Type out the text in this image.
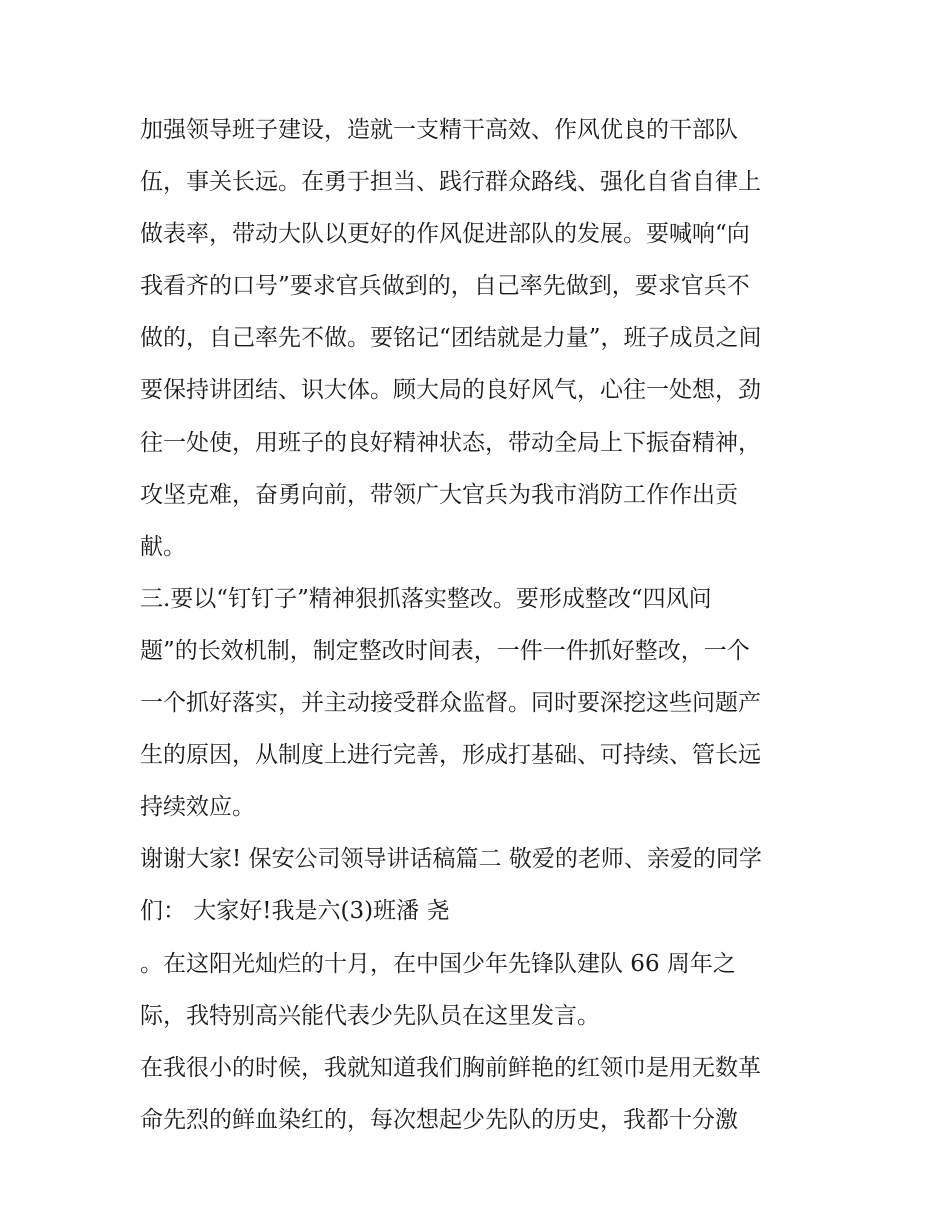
加强领导班子建设，造就一支精干高效、作风优良的干部队
伍，事关长远。在勇于担当、践行群众路线、强化自省自律上
做表率，带动大队以更好的作风促进部队的发展。要喊响“向
我看齐的口号”要求官兵做到的，自己率先做到，要求官兵不
做的，自己率先不做。要铭记“团结就是力量”，班子成员之间
要保持讲团结、识大体。顾大局的良好风气，心往一处想，劲
往一处使，用班子的良好精神状态，带动全局上下振奋精神，
攻坚克难，奋勇向前，带领广大官兵为我市消防工作作出贡
献。
三.要以“钉钉子”精神狠抓落实整改。要形成整改“四风问
题”的长效机制，制定整改时间表，一件一件抓好整改，一个
一个抓好落实，并主动接受群众监督。同时要深挖这些问题产
生的原因，从制度上进行完善，形成打基础、可持续、管长远
持续效应。
谢谢大家! 保安公司领导讲话稿篇二 敬爱的老师、亲爱的同学
们： 大家好!我是六(3)班潘 尧
。在这阳光灿烂的十月，在中国少年先锋队建队 66 周年之
际，我特别高兴能代表少先队员在这里发言。
在我很小的时候，我就知道我们胸前鲜艳的红领巾是用无数革
命先烈的鲜血染红的，每次想起少先队的历史，我都十分激
